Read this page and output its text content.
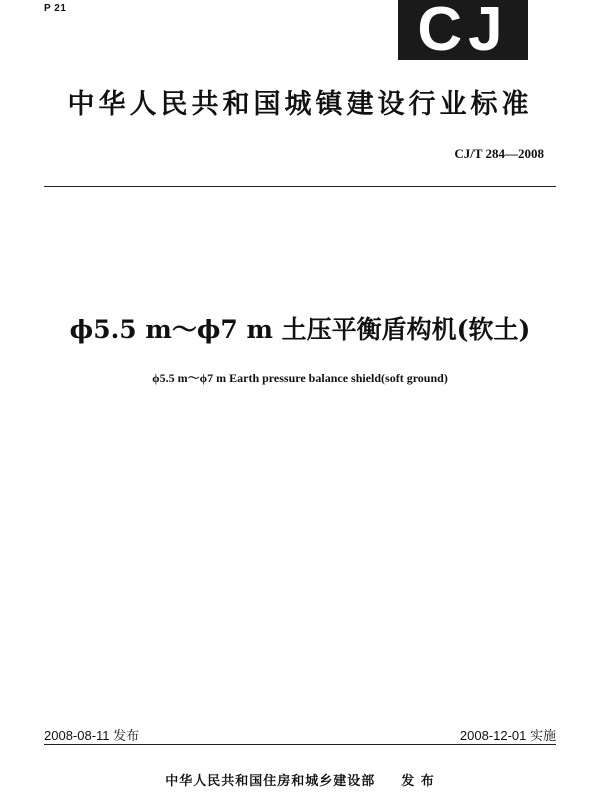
P 21	CJ
中华人民共和国城镇建设行业标准
CJ/T 284—2008
ϕ5.5 m～ϕ7 m 土压平衡盾构机(软土)
ϕ5.5 m～ϕ7 m Earth pressure balance shield(soft ground)
2008-08-11 发布	2008-12-01 实施
中华人民共和国住房和城乡建设部 发 布
